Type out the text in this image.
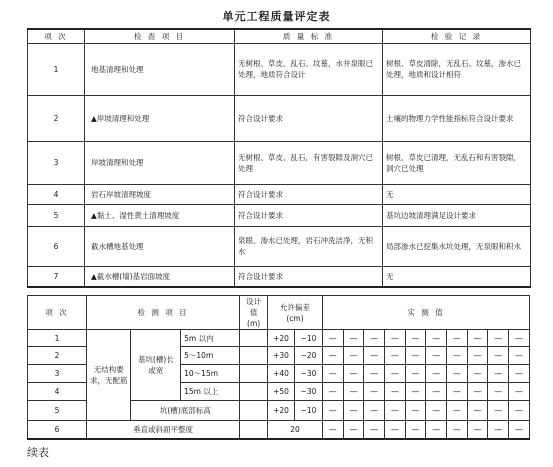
单元工程质量评定表
项 次	检 查 项 目	质 量 标 准	检 验 记 录
1	地基清理和处理	无树根、草皮、乱石、坟墓，水井泉眼已处理，地质符合设计	树根、草皮清除，无乱石、坟墓，渗水已处理，地质和设计相符
2	▲岸坡清理和处理	符合设计要求	土壤的物理力学性能指标符合设计要求
3	岸坡清理和处理	无树根、草皮、乱石，有害裂隙及洞穴已处理	树根、草皮已清理，无乱石和有害裂隙，洞穴已处理
4	岩石岸坡清理坡度	符合设计要求	无
5	▲黏土、湿性黄土清理坡度	符合设计要求	基坑边坡清理满足设计要求
6	截水槽地基处理	泉眼、渗水已处理，岩石冲洗洁净，无积水	局部渗水已挖集水坑处理，无泉眼和积水
7	▲截水槽(墙)基岩面坡度	符合设计要求	无
项 次	检 测 项 目			设计值 (m)	允许偏差 (cm)		实 测 值									
1	无结构要求，无配筋	基坑(槽)长或宽	5m 以内		+20	−10	—	—	—	—	—	—	—	—	—	—
2			5～10m		+30	−20	—	—	—	—	—	—	—	—	—	—
3			10～15m		+40	−30	—	—	—	—	—	—	—	—	—	—
4			15m 以上		+50	−30	—	—	—	—	—	—	—	—	—	—
5		坑(槽)底部标高			+20	−10	—	—	—	—	—	—	—	—	—	—
6	垂直或斜面平整度				20		—	—	—	—	—	—	—	—	—	—
续表
